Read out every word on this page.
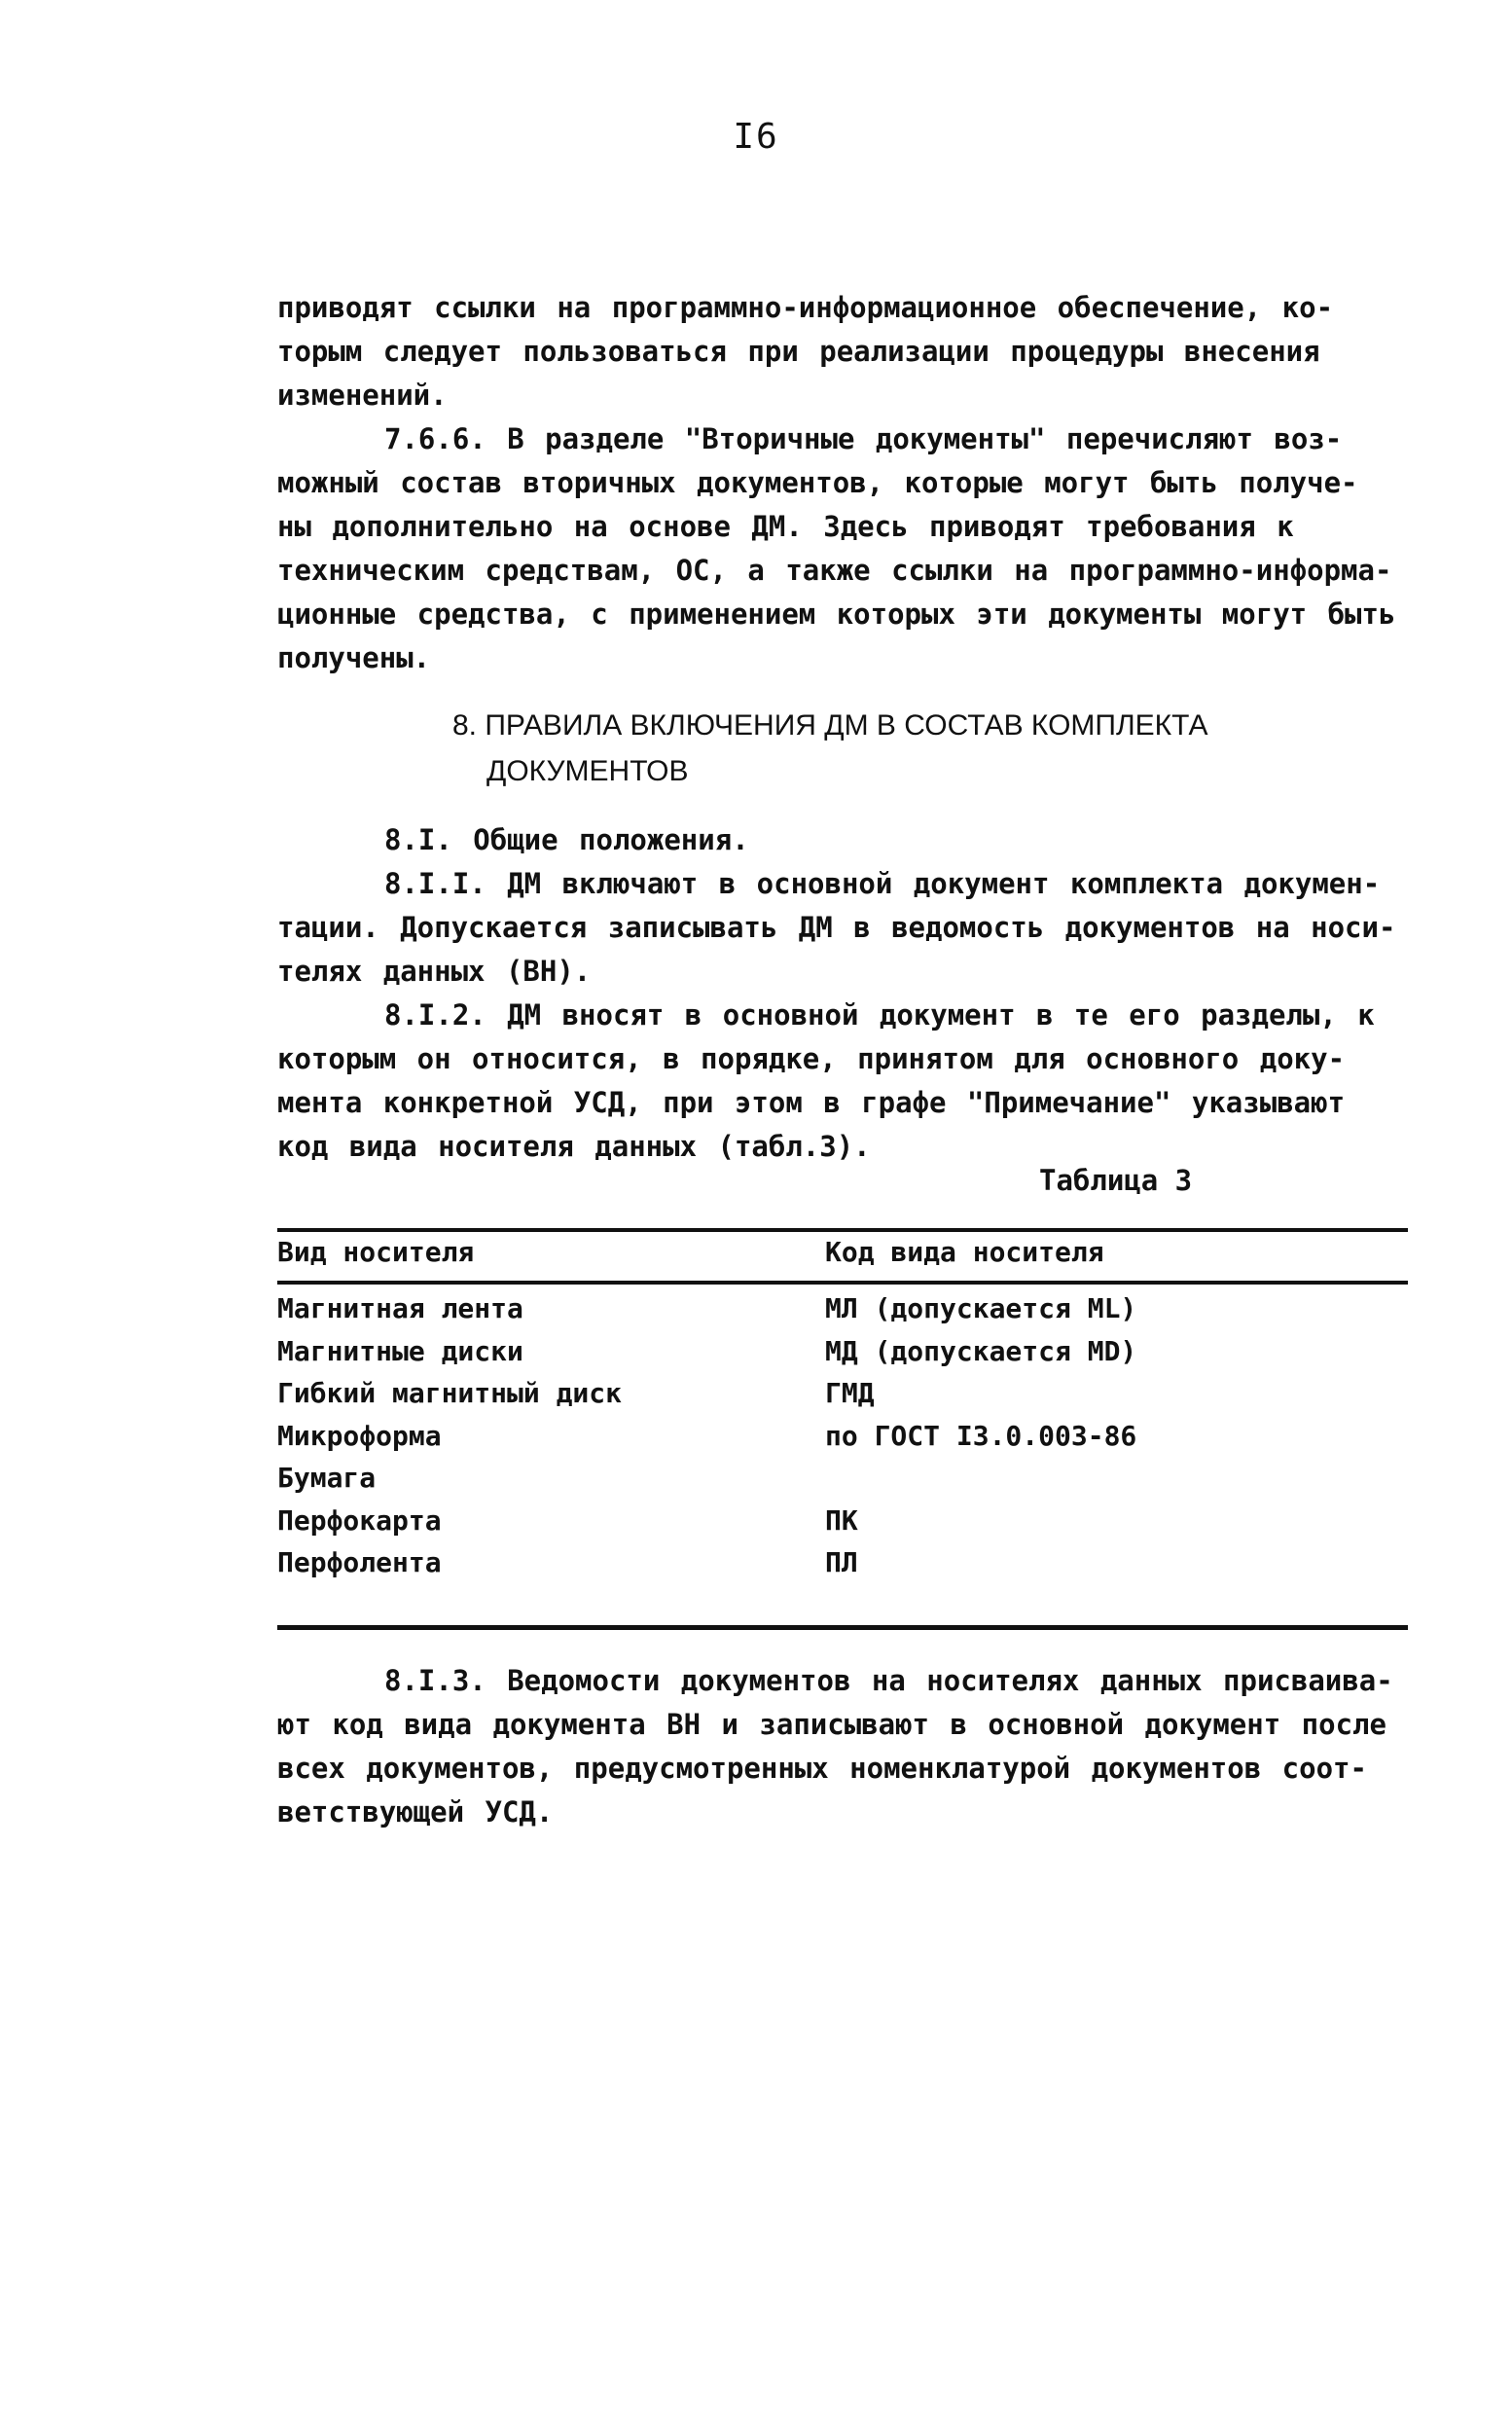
I6
приводят ссылки на программно-информационное обеспечение, ко-
торым следует пользоваться при реализации процедуры внесения
изменений.
7.6.6. В разделе "Вторичные документы" перечисляют воз-
можный состав вторичных документов, которые могут быть получе-
ны дополнительно на основе ДМ. Здесь приводят требования к
техническим средствам, ОС, а также ссылки на программно-информа-
ционные средства, с применением которых эти документы могут быть
получены.
8. ПРАВИЛА ВКЛЮЧЕНИЯ ДМ В СОСТАВ КОМПЛЕКТА
ДОКУМЕНТОВ
8.I. Общие положения.
8.I.I. ДМ включают в основной документ комплекта докумен-
тации. Допускается записывать ДМ в ведомость документов на носи-
телях данных (ВН).
8.I.2. ДМ вносят в основной документ в те его разделы, к
которым он относится, в порядке, принятом для основного доку-
мента конкретной УСД, при этом в графе "Примечание" указывают
код вида носителя данных (табл.3).
Таблица 3
Вид носителя	Код вида носителя
Магнитная лента	МЛ (допускается ML)
Магнитные диски	МД (допускается MD)
Гибкий магнитный диск	ГМД
Микроформа	по ГОСТ I3.0.003-86
Бумага
Перфокарта	ПК
Перфолента	ПЛ
8.I.3. Ведомости документов на носителях данных присваива-
ют код вида документа ВН и записывают в основной документ после
всех документов, предусмотренных номенклатурой документов соот-
ветствующей УСД.
